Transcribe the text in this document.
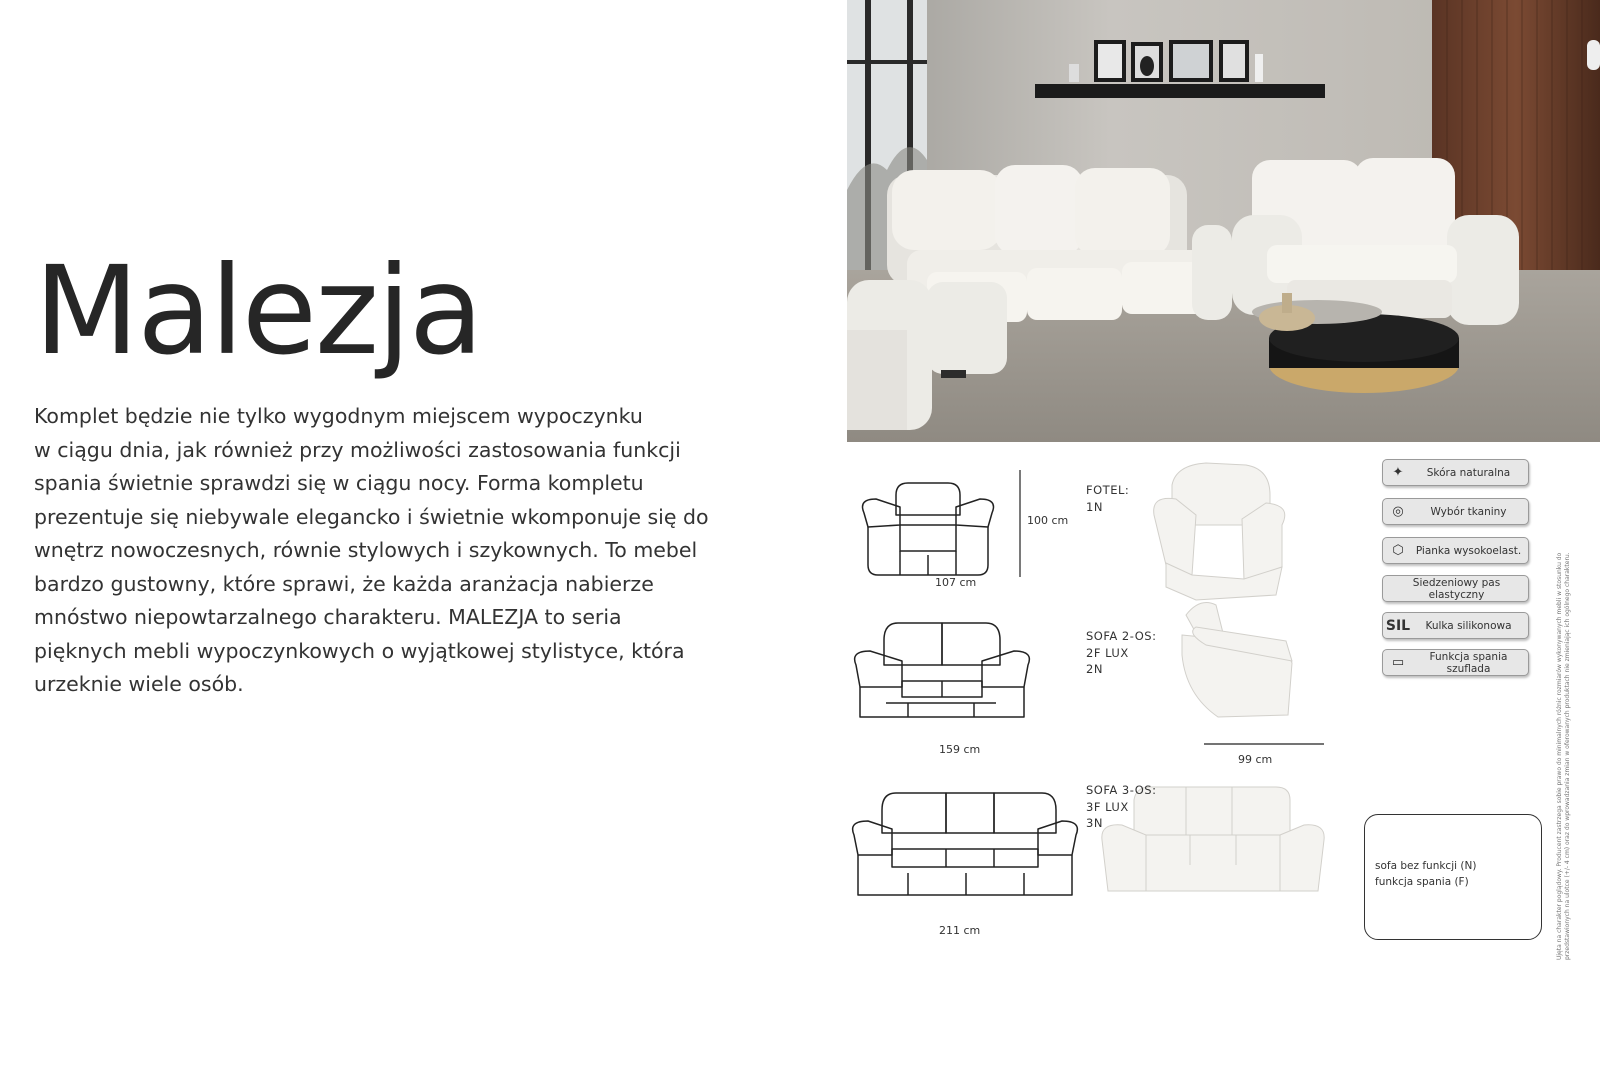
Malezja
Komplet będzie nie tylko wygodnym miejscem wypoczynku
w ciągu dnia, jak również przy możliwości zastosowania funkcji
spania świetnie sprawdzi się w ciągu nocy. Forma kompletu
prezentuje się niebywale elegancko i świetnie wkomponuje się do
wnętrz nowoczesnych, równie stylowych i szykownych. To mebel
bardzo gustowny, które sprawi, że każda aranżacja nabierze
mnóstwo niepowtarzalnego charakteru. MALEZJA to seria
pięknych mebli wypoczynkowych o wyjątkowej stylistyce, która
urzeknie wiele osób.
107 cm
100 cm
159 cm
99 cm
211 cm
FOTEL:
1N
SOFA 2-OS:
2F LUX
2N
SOFA 3-OS:
3F LUX
3N
✦	Skóra naturalna
◎	Wybór tkaniny
⬡	Pianka wysokoelast.
Siedzeniowy pas elastyczny
SIL	Kulka silikonowa
▭	Funkcja spania szuflada
sofa bez funkcji (N)
funkcja spania (F)	Ujęta na charakter poglądowy. Producent zastrzega sobie prawo do minimalnych różnic rozmiarów wykonywanych mebli w stosunku do przedstawionych na ulotce (+/- 4 cm) oraz do wprowadzania zmian w oferowanych produktach nie zmieniając ich ogólnego charakteru.
